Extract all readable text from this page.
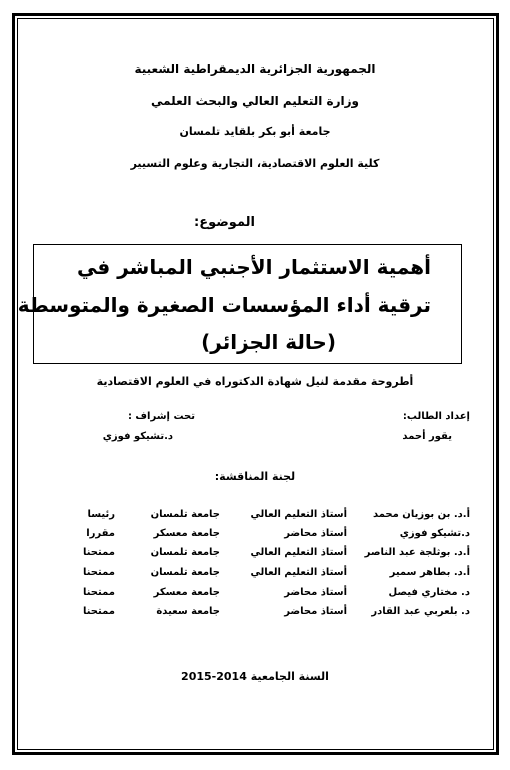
الجمهورية الجزائرية الديمقراطية الشعبية
وزارة التعليم العالي والبحث العلمي
جامعة أبو بكر بلقايد تلمسان
كلية العلوم الاقتصادية، التجارية وعلوم التسيير
الموضوع:
أهمية الاستثمار الأجنبي المباشر في
ترقية أداء المؤسسات الصغيرة والمتوسطة
(حالة الجزائر)
أطروحة مقدمة لنيل شهادة الدكتوراه في العلوم الاقتصادية
إعداد الطالب:
يقور أحمد
تحت إشراف :
د.تشيكو فوزي
لجنة المناقشة:
أ.د. بن بوزيان محمد
أستاذ التعليم العالي
جامعة تلمسان
رئيسا
د.تشيكو فوزي
أستاذ محاضر
جامعة معسكر
مقررا
أ.د. بوثلجة عبد الناصر
أستاذ التعليم العالي
جامعة تلمسان
ممتحنا
أ.د. بطاهر سمير
أستاذ التعليم العالي
جامعة تلمسان
ممتحنا
د. مختاري فيصل
أستاذ محاضر
جامعة معسكر
ممتحنا
د. بلعربي عبد القادر
أستاذ محاضر
جامعة سعيدة
ممتحنا
السنة الجامعية 2014-2015
